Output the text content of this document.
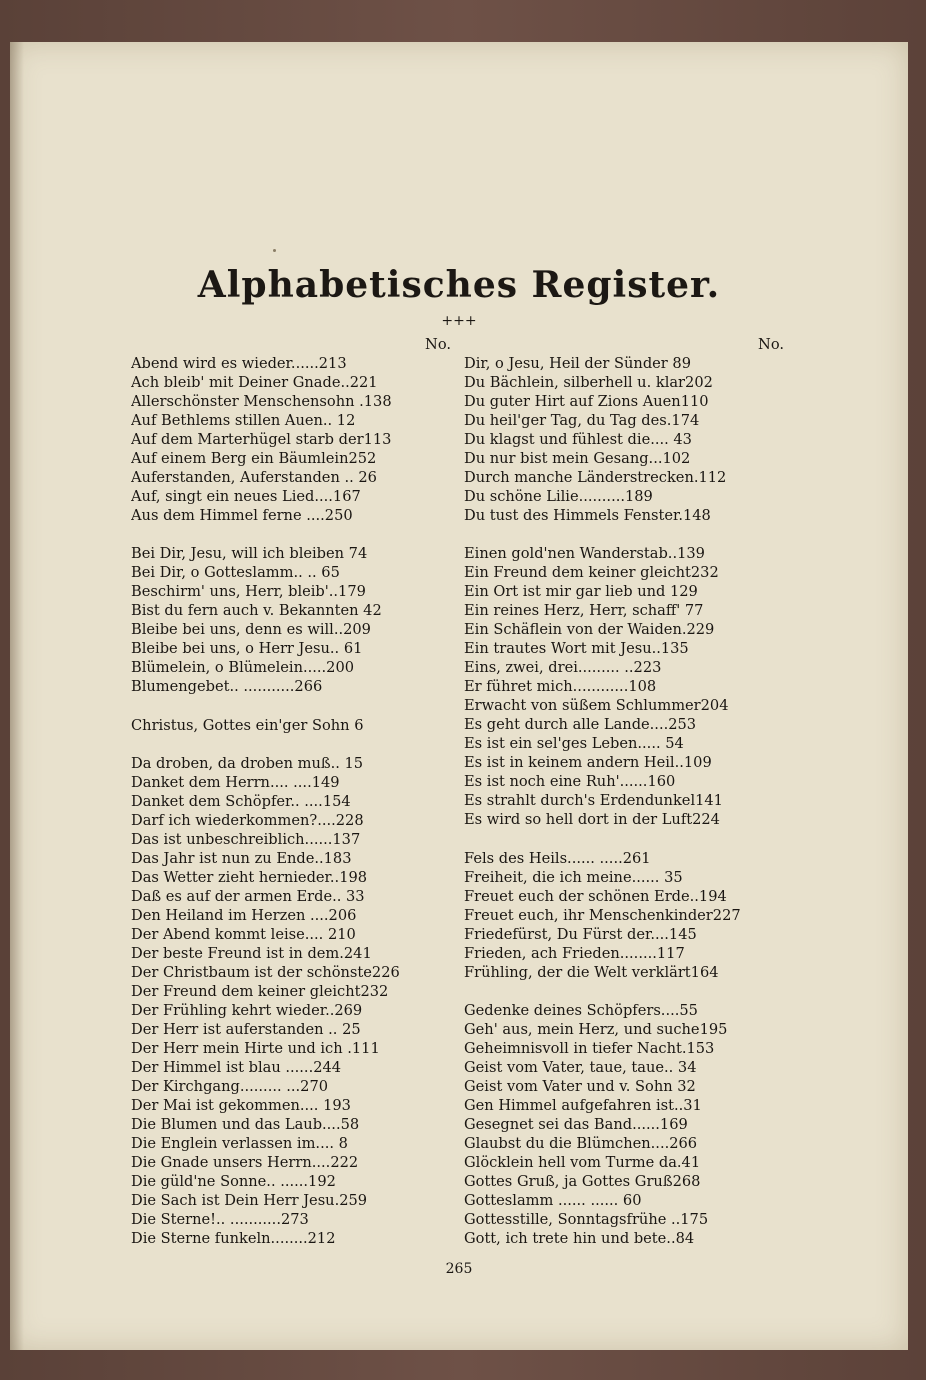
Alphabetisches Register.
+++
No.
Abend wird es wieder......213
Ach bleib' mit Deiner Gnade..221
Allerschönster Menschensohn .138
Auf Bethlems stillen Auen.. 12
Auf dem Marterhügel starb der113
Auf einem Berg ein Bäumlein252
Auferstanden, Auferstanden .. 26
Auf, singt ein neues Lied....167
Aus dem Himmel ferne ....250
Bei Dir, Jesu, will ich bleiben 74
Bei Dir, o Gotteslamm.. .. 65
Beschirm' uns, Herr, bleib'..179
Bist du fern auch v. Bekannten 42
Bleibe bei uns, denn es will..209
Bleibe bei uns, o Herr Jesu.. 61
Blümelein, o Blümelein.....200
Blumengebet.. ...........266
Christus, Gottes ein'ger Sohn 6
Da droben, da droben muß.. 15
Danket dem Herrn.... ....149
Danket dem Schöpfer.. ....154
Darf ich wiederkommen?....228
Das ist unbeschreiblich......137
Das Jahr ist nun zu Ende..183
Das Wetter zieht hernieder..198
Daß es auf der armen Erde.. 33
Den Heiland im Herzen ....206
Der Abend kommt leise.... 210
Der beste Freund ist in dem.241
Der Christbaum ist der schönste226
Der Freund dem keiner gleicht232
Der Frühling kehrt wieder..269
Der Herr ist auferstanden .. 25
Der Herr mein Hirte und ich .111
Der Himmel ist blau ......244
Der Kirchgang......... ...270
Der Mai ist gekommen.... 193
Die Blumen und das Laub....58
Die Englein verlassen im.... 8
Die Gnade unsers Herrn....222
Die güld'ne Sonne.. ......192
Die Sach ist Dein Herr Jesu.259
Die Sterne!.. ...........273
Die Sterne funkeln........212
No.
Dir, o Jesu, Heil der Sünder 89
Du Bächlein, silberhell u. klar202
Du guter Hirt auf Zions Auen110
Du heil'ger Tag, du Tag des.174
Du klagst und fühlest die.... 43
Du nur bist mein Gesang...102
Durch manche Länderstrecken.112
Du schöne Lilie..........189
Du tust des Himmels Fenster.148
Einen gold'nen Wanderstab..139
Ein Freund dem keiner gleicht232
Ein Ort ist mir gar lieb und 129
Ein reines Herz, Herr, schaff' 77
Ein Schäflein von der Waiden.229
Ein trautes Wort mit Jesu..135
Eins, zwei, drei......... ..223
Er führet mich............108
Erwacht von süßem Schlummer204
Es geht durch alle Lande....253
Es ist ein sel'ges Leben..... 54
Es ist in keinem andern Heil..109
Es ist noch eine Ruh'......160
Es strahlt durch's Erdendunkel141
Es wird so hell dort in der Luft224
Fels des Heils...... .....261
Freiheit, die ich meine...... 35
Freuet euch der schönen Erde..194
Freuet euch, ihr Menschenkinder227
Friedefürst, Du Fürst der....145
Frieden, ach Frieden........117
Frühling, der die Welt verklärt164
Gedenke deines Schöpfers....55
Geh' aus, mein Herz, und suche195
Geheimnisvoll in tiefer Nacht.153
Geist vom Vater, taue, taue.. 34
Geist vom Vater und v. Sohn 32
Gen Himmel aufgefahren ist..31
Gesegnet sei das Band......169
Glaubst du die Blümchen....266
Glöcklein hell vom Turme da.41
Gottes Gruß, ja Gottes Gruß268
Gotteslamm ...... ...... 60
Gottesstille, Sonntagsfrühe ..175
Gott, ich trete hin und bete..84
265
